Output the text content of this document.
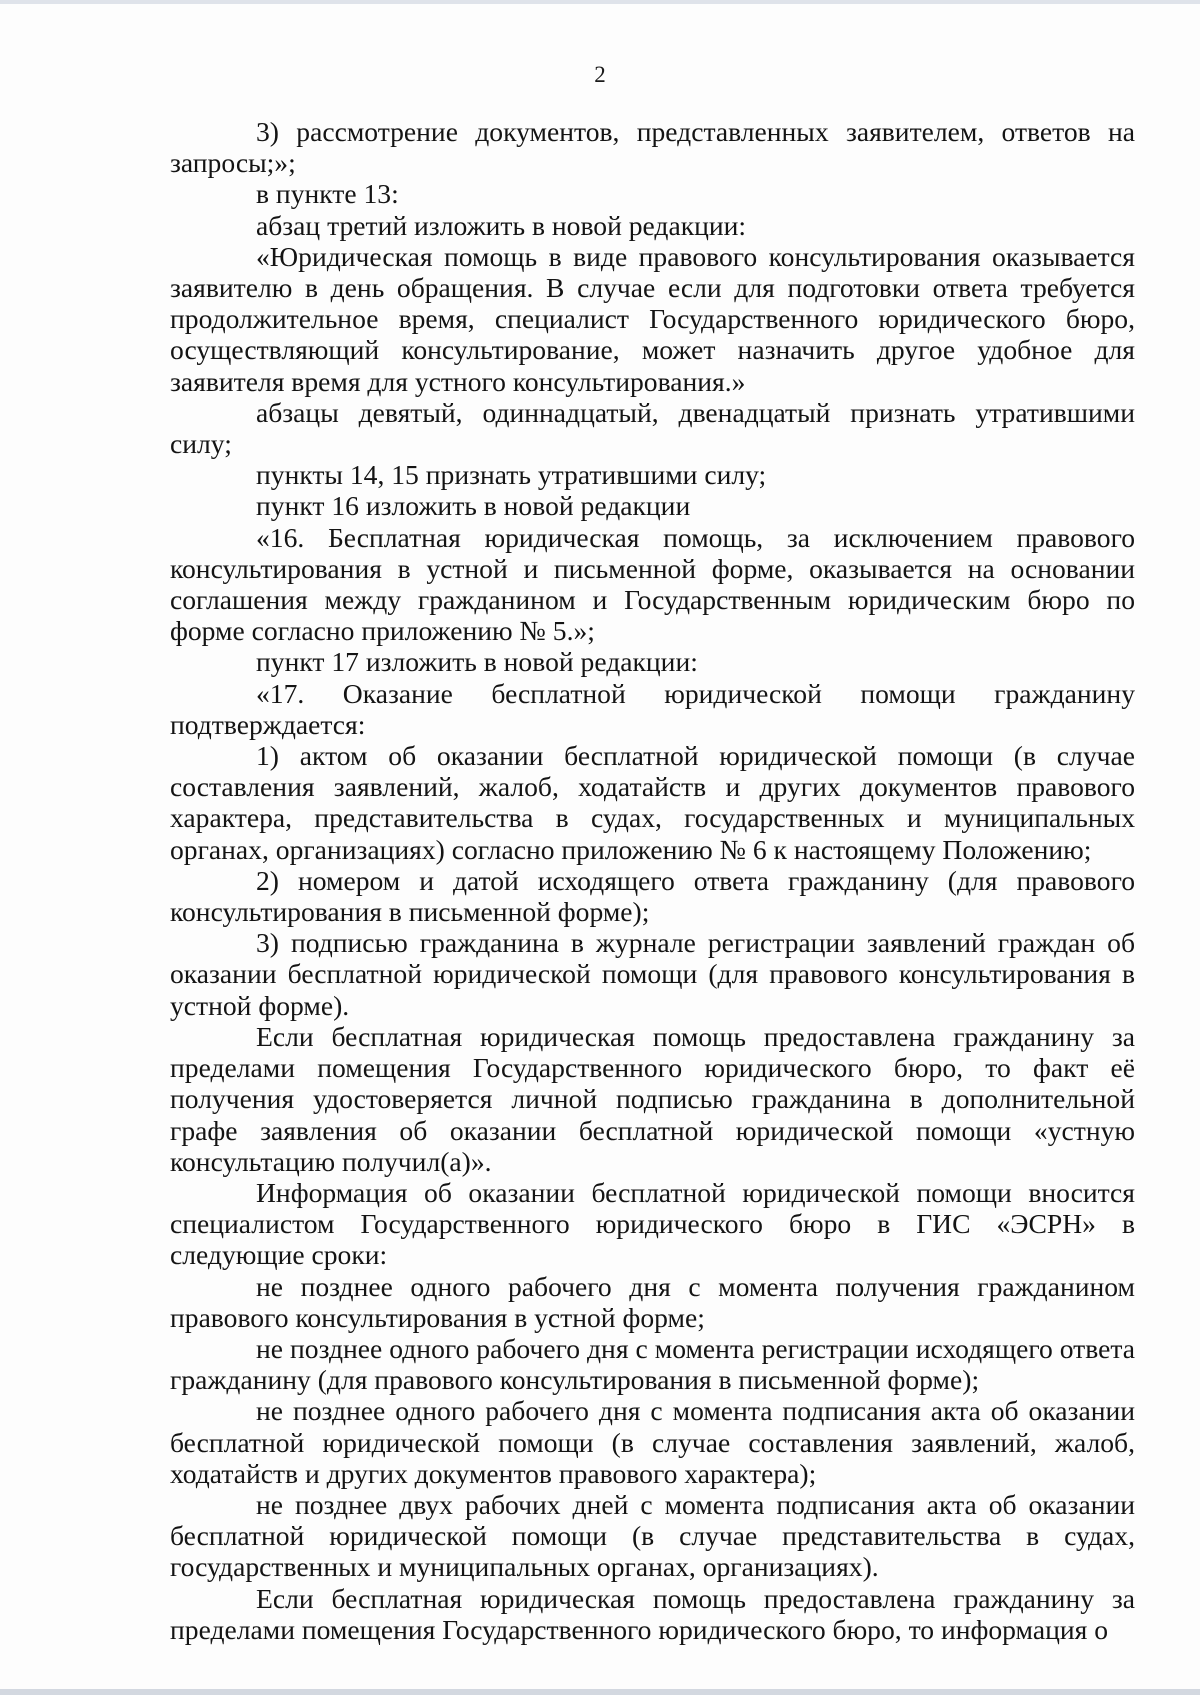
2

3) рассмотрение документов, представленных заявителем, ответов на запросы;»;

в пункте 13:

абзац третий изложить в новой редакции:

«Юридическая помощь в виде правового консультирования оказывается заявителю в день обращения. В случае если для подготовки ответа требуется продолжительное время, специалист Государственного юридического бюро, осуществляющий консультирование, может назначить другое удобное для заявителя время для устного консультирования.»

абзацы девятый, одиннадцатый, двенадцатый признать утратившими силу;

пункты 14, 15 признать утратившими силу;

пункт 16 изложить в новой редакции

«16. Бесплатная юридическая помощь, за исключением правового консультирования в устной и письменной форме, оказывается на основании соглашения между гражданином и Государственным юридическим бюро по форме согласно приложению № 5.»;

пункт 17 изложить в новой редакции:

«17. Оказание бесплатной юридической помощи гражданину подтверждается:

1) актом об оказании бесплатной юридической помощи (в случае составления заявлений, жалоб, ходатайств и других документов правового характера, представительства в судах, государственных и муниципальных органах, организациях) согласно приложению № 6 к настоящему Положению;

2) номером и датой исходящего ответа гражданину (для правового консультирования в письменной форме);

3) подписью гражданина в журнале регистрации заявлений граждан об оказании бесплатной юридической помощи (для правового консультирования в устной форме).

Если бесплатная юридическая помощь предоставлена гражданину за пределами помещения Государственного юридического бюро, то факт её получения удостоверяется личной подписью гражданина в дополнительной графе заявления об оказании бесплатной юридической помощи «устную консультацию получил(а)».

Информация об оказании бесплатной юридической помощи вносится специалистом Государственного юридического бюро в ГИС «ЭСРН» в следующие сроки:

не позднее одного рабочего дня с момента получения гражданином правового консультирования в устной форме;

не позднее одного рабочего дня с момента регистрации исходящего ответа гражданину (для правового консультирования в письменной форме);

не позднее одного рабочего дня с момента подписания акта об оказании бесплатной юридической помощи (в случае составления заявлений, жалоб, ходатайств и других документов правового характера);

не позднее двух рабочих дней с момента подписания акта об оказании бесплатной юридической помощи (в случае представительства в судах, государственных и муниципальных органах, организациях).

Если бесплатная юридическая помощь предоставлена гражданину за пределами помещения Государственного юридического бюро, то информация о
